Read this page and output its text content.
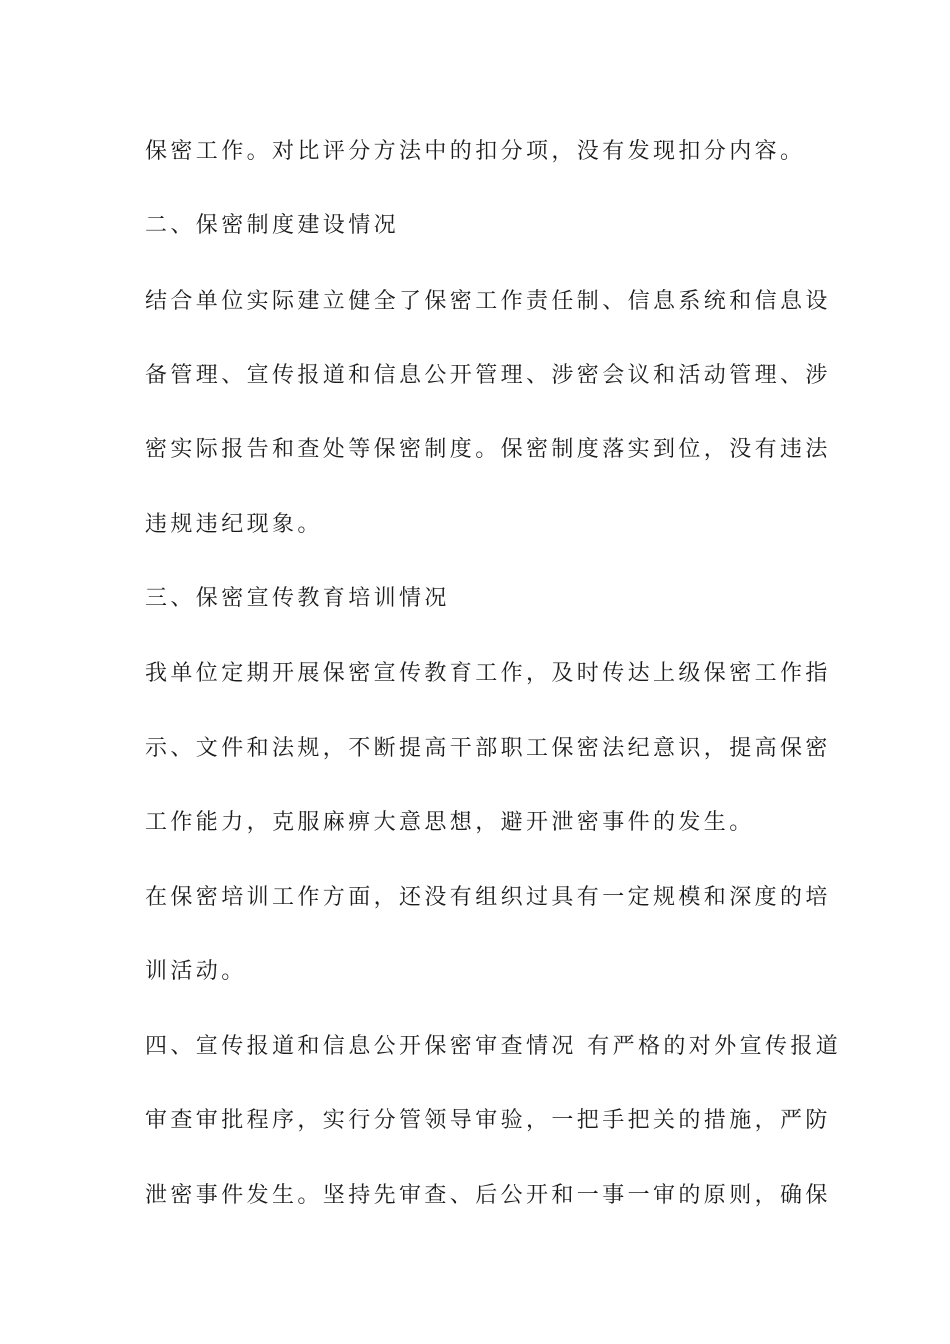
保密工作。对比评分方法中的扣分项，没有发现扣分内容。

二、保密制度建设情况

结合单位实际建立健全了保密工作责任制、信息系统和信息设

备管理、宣传报道和信息公开管理、涉密会议和活动管理、涉

密实际报告和查处等保密制度。保密制度落实到位，没有违法

违规违纪现象。

三、保密宣传教育培训情况

我单位定期开展保密宣传教育工作，及时传达上级保密工作指

示、文件和法规，不断提高干部职工保密法纪意识，提高保密

工作能力，克服麻痹大意思想，避开泄密事件的发生。

在保密培训工作方面，还没有组织过具有一定规模和深度的培

训活动。

四、宣传报道和信息公开保密审查情况 有严格的对外宣传报道

审查审批程序，实行分管领导审验，一把手把关的措施，严防

泄密事件发生。坚持先审查、后公开和一事一审的原则，确保
